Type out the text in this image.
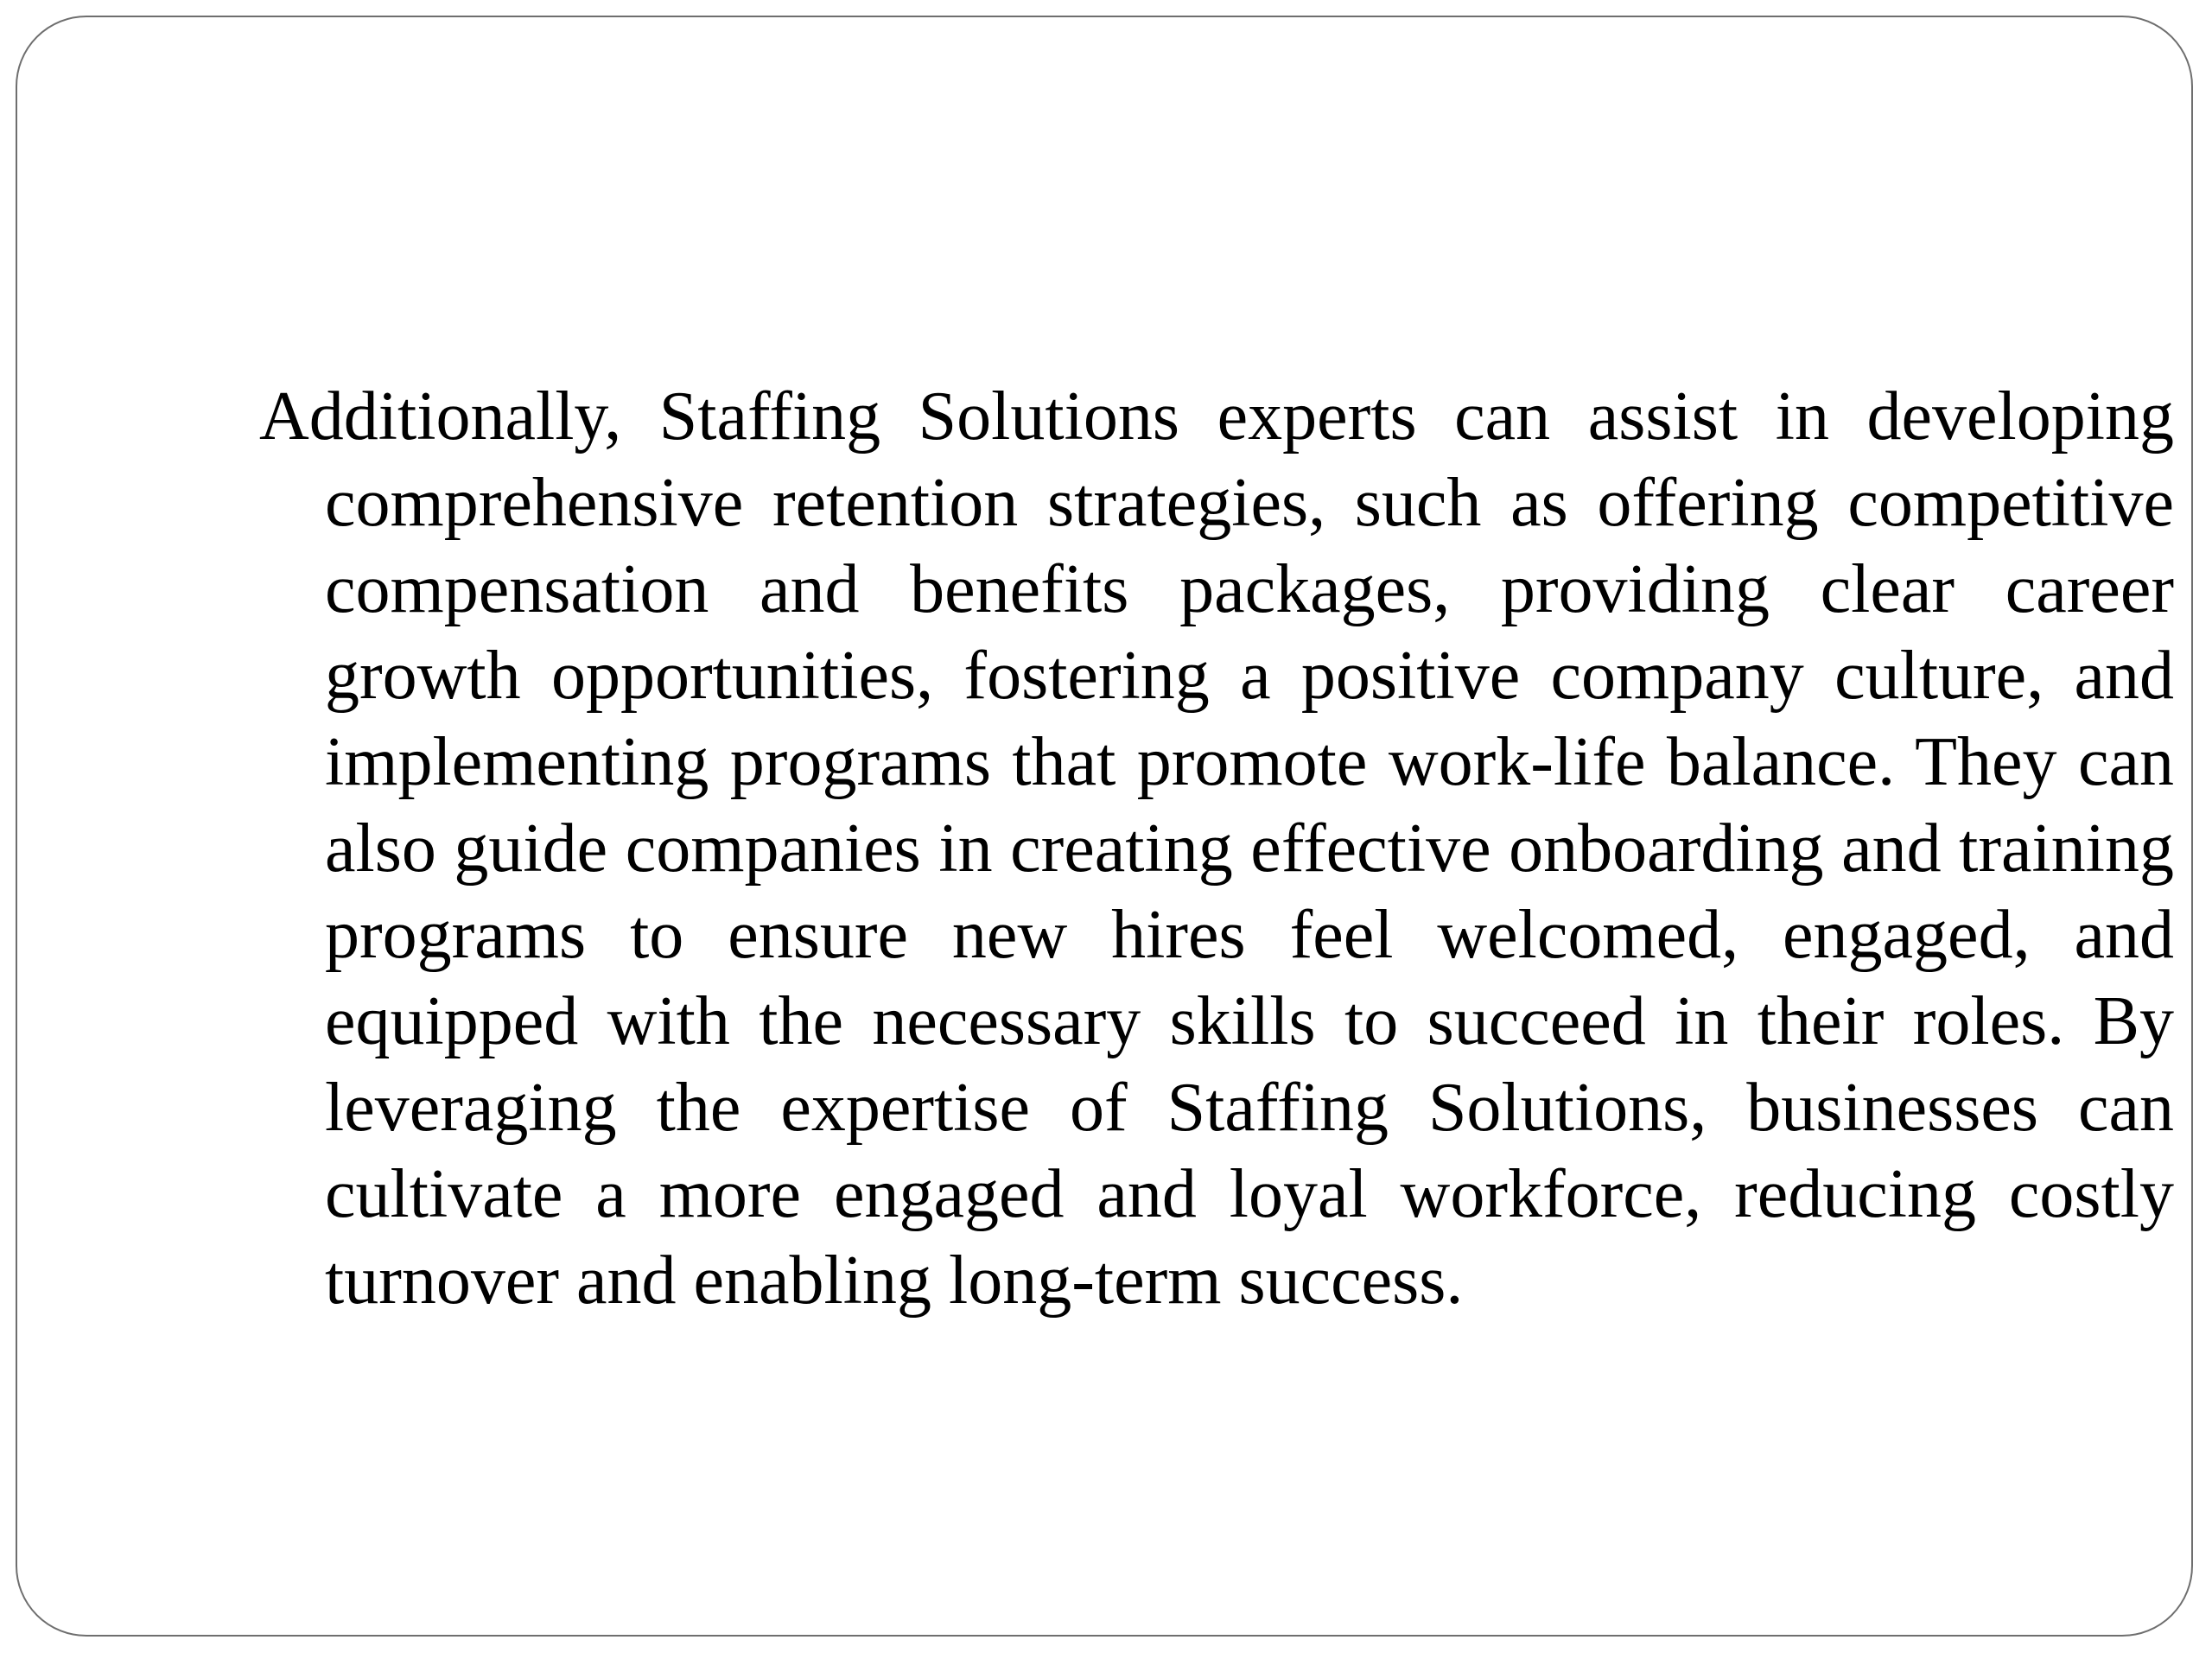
Additionally, Staffing Solutions experts can assist in developing comprehensive retention strategies, such as offering competitive compensation and benefits packages, providing clear career growth opportunities, fostering a positive company culture, and implementing programs that promote work-life balance. They can also guide companies in creating effective onboarding and training programs to ensure new hires feel welcomed, engaged, and equipped with the necessary skills to succeed in their roles. By leveraging the expertise of Staffing Solutions, businesses can cultivate a more engaged and loyal workforce, reducing costly turnover and enabling long-term success.
